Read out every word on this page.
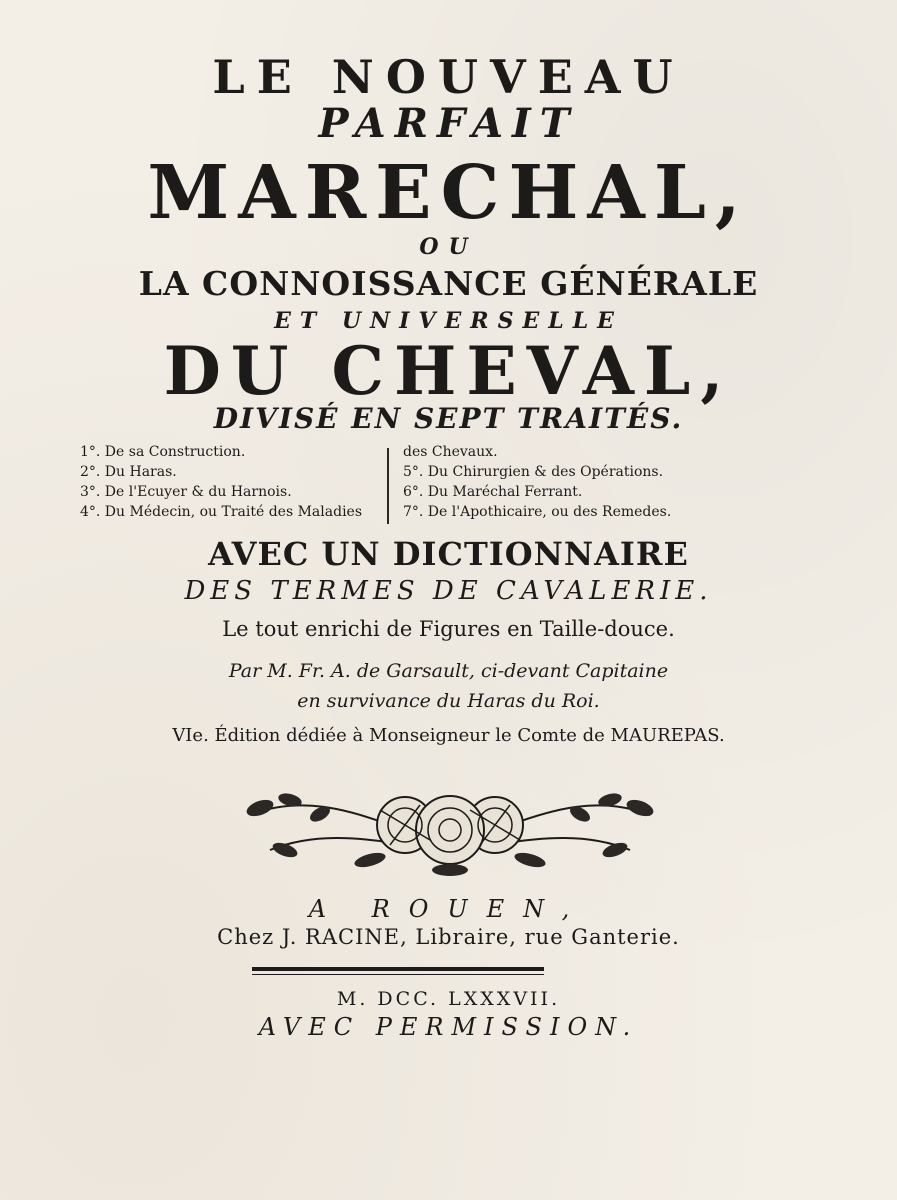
LE NOUVEAU
PARFAIT
MARECHAL,
OU
LA CONNOISSANCE GÉNÉRALE
ET UNIVERSELLE
DU CHEVAL,
DIVISÉ EN SEPT TRAITÉS.
1°. De sa Construction.
2°. Du Haras.
3°. De l'Ecuyer & du Harnois.
4°. Du Médecin, ou Traité des Maladies
des Chevaux.
5°. Du Chirurgien & des Opérations.
6°. Du Maréchal Ferrant.
7°. De l'Apothicaire, ou des Remedes.
AVEC UN DICTIONNAIRE
DES TERMES DE CAVALERIE.
Le tout enrichi de Figures en Taille-douce.
Par M. Fr. A. de Garsault, ci-devant Capitaine
en survivance du Haras du Roi.
VIe. Édition dédiée à Monseigneur le Comte de MAUREPAS.
A ROUEN,
Chez J. RACINE, Libraire, rue Ganterie.
M. DCC. LXXXVII.
AVEC PERMISSION.
